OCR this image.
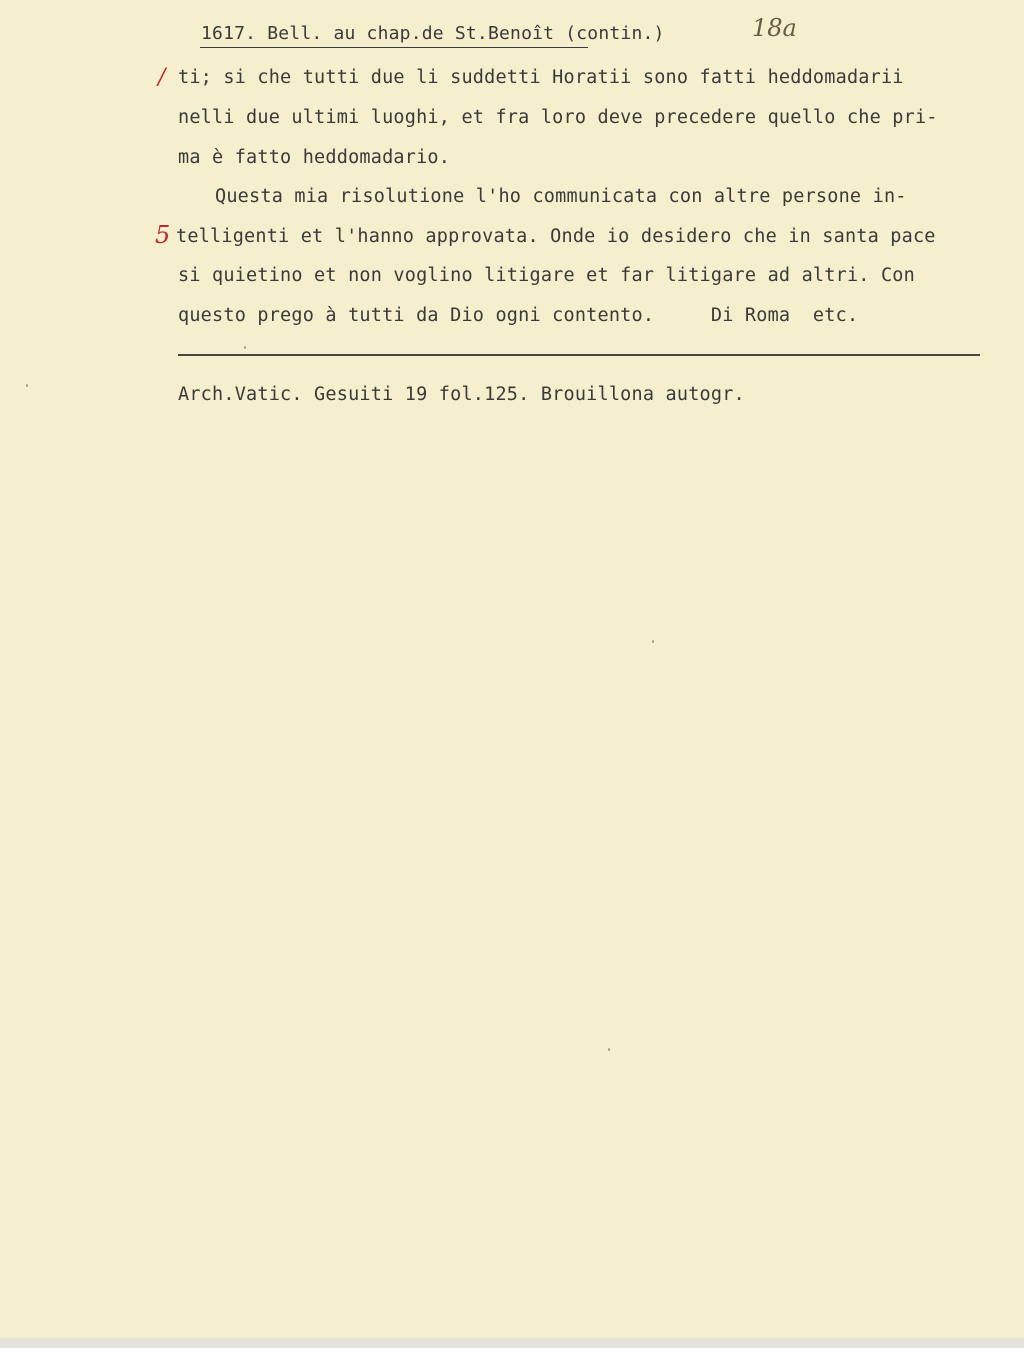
1617. Bell. au chap.de St.Benoît (contin.)	18a
/ ti; si che tutti due li suddetti Horatii sono fatti heddomadarii
nelli due ultimi luoghi, et fra loro deve precedere quello che pri-
ma è fatto heddomadario.
Questa mia risolutione l'ho communicata con altre persone in-
5 telligenti et l'hanno approvata. Onde io desidero che in santa pace
si quietino et non voglino litigare et far litigare ad altri. Con
questo prego à tutti da Dio ogni contento.     Di Roma  etc.
Arch.Vatic. Gesuiti 19 fol.125. Brouillona autogr.
